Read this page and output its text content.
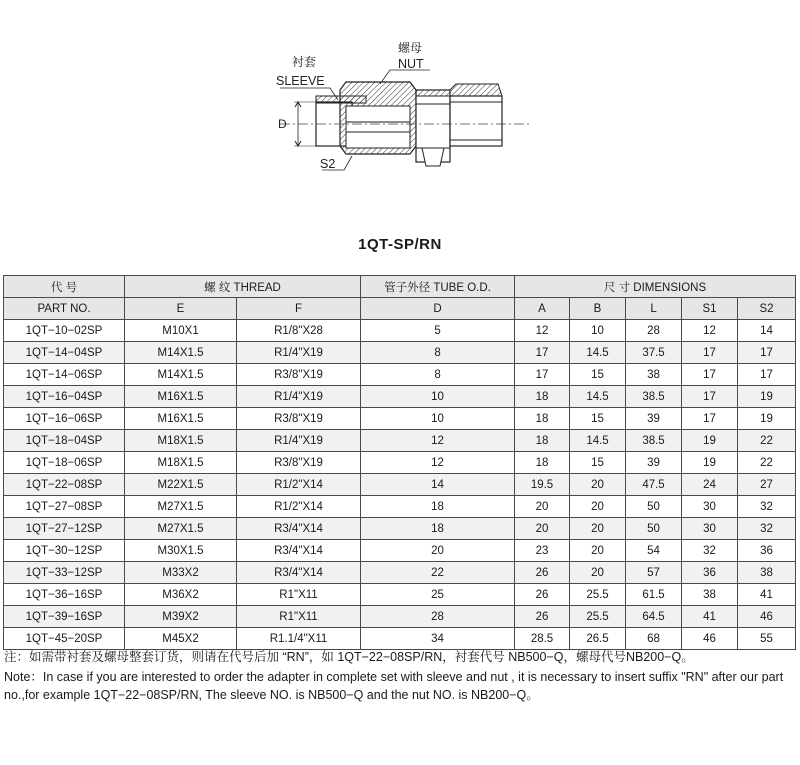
衬套
SLEEVE
螺母
NUT
D
S2
1QT-SP/RN
代 号	螺 纹 THREAD		管子外径 TUBE O.D.	尺 寸 DIMENSIONS				
PART NO.	E	F	D	A	B	L	S1	S2
1QT−10−02SP	M10X1	R1/8"X28	5	12	10	28	12	14
1QT−14−04SP	M14X1.5	R1/4"X19	8	17	14.5	37.5	17	17
1QT−14−06SP	M14X1.5	R3/8"X19	8	17	15	38	17	17
1QT−16−04SP	M16X1.5	R1/4"X19	10	18	14.5	38.5	17	19
1QT−16−06SP	M16X1.5	R3/8"X19	10	18	15	39	17	19
1QT−18−04SP	M18X1.5	R1/4"X19	12	18	14.5	38.5	19	22
1QT−18−06SP	M18X1.5	R3/8"X19	12	18	15	39	19	22
1QT−22−08SP	M22X1.5	R1/2"X14	14	19.5	20	47.5	24	27
1QT−27−08SP	M27X1.5	R1/2"X14	18	20	20	50	30	32
1QT−27−12SP	M27X1.5	R3/4"X14	18	20	20	50	30	32
1QT−30−12SP	M30X1.5	R3/4"X14	20	23	20	54	32	36
1QT−33−12SP	M33X2	R3/4"X14	22	26	20	57	36	38
1QT−36−16SP	M36X2	R1"X11	25	26	25.5	61.5	38	41
1QT−39−16SP	M39X2	R1"X11	28	26	25.5	64.5	41	46
1QT−45−20SP	M45X2	R1.1/4"X11	34	28.5	26.5	68	46	55
注：如需带衬套及螺母整套订货，则请在代号后加 “RN”，如 1QT−22−08SP/RN，衬套代号 NB500−Q，螺母代号NB200−Q。
Note：In case if you are interested to order the adapter in complete set with sleeve and nut , it is necessary to insert suffix "RN" after our part no.,for example 1QT−22−08SP/RN, The sleeve NO. is NB500−Q and the nut NO. is NB200−Q。
